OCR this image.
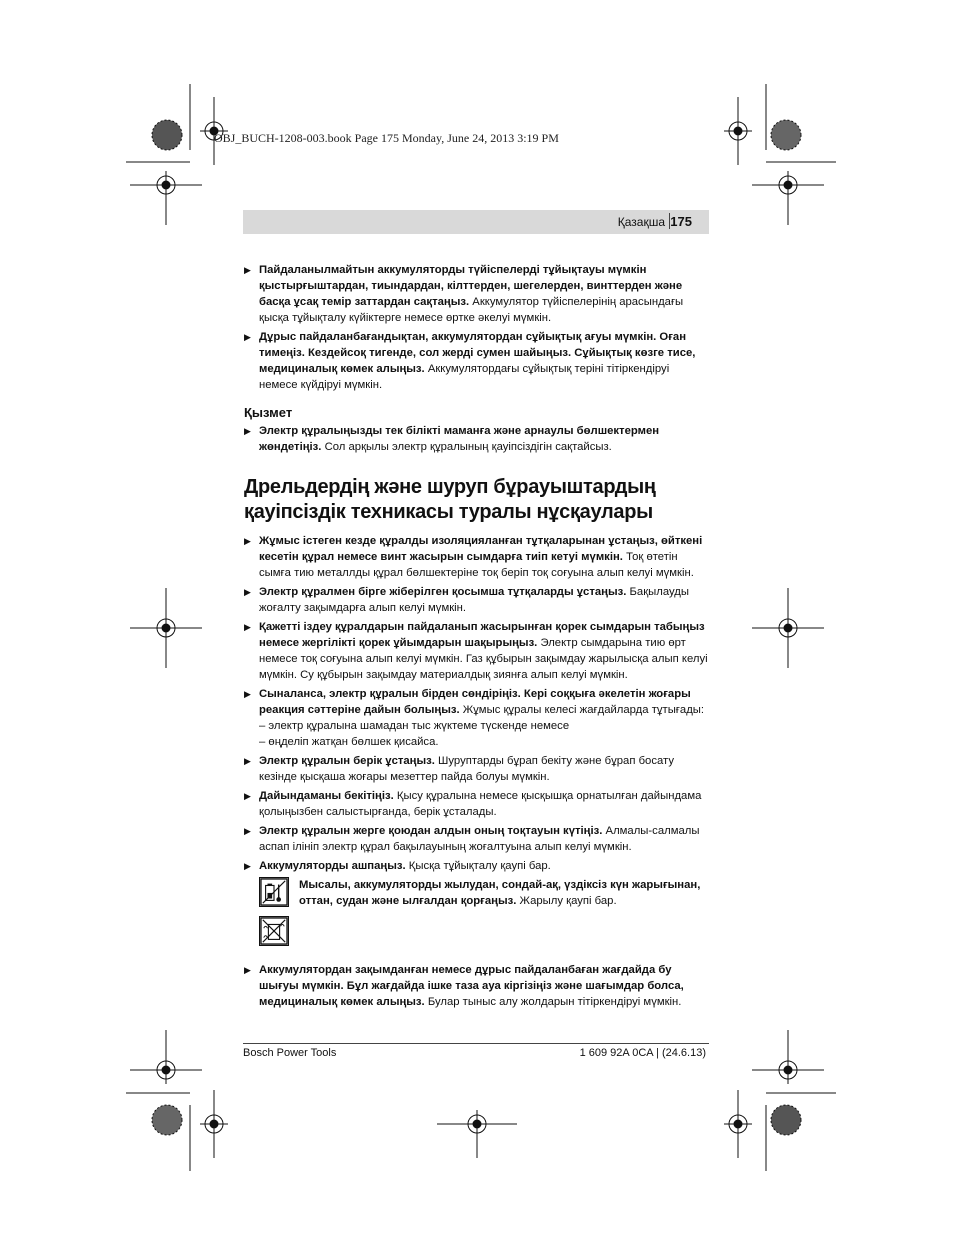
OBJ_BUCH-1208-003.book Page 175 Monday, June 24, 2013 3:19 PM
Қазақша 175
▶ Пайдаланылмайтын аккумуляторды түйіспелерді тұйықтауы мүмкін қыстырғыштардан, тиындардан, кілттерден, шегелерден, винттерден және басқа ұсақ темір заттардан сақтаңыз. Аккумулятор түйіспелерінің арасындағы қысқа тұйықталу күйіктерге немесе өртке әкелуі мүмкін.
▶ Дұрыс пайдаланбағандықтан, аккумулятордан сұйықтық ағуы мүмкін. Оған тимеңіз. Кездейсоқ тигенде, сол жерді сумен шайыңыз. Сұйықтық көзге тисе, медициналық көмек алыңыз. Аккумулятордағы сұйықтық теріні тітіркендіруі немесе күйдіруі мүмкін.
Қызмет
▶ Электр құралыңызды тек білікті маманға және арнаулы бөлшектермен жөндетіңіз. Сол арқылы электр құралының қауіпсіздігін сақтайсыз.
Дрельдердің және шуруп бұрауыштардың қауіпсіздік техникасы туралы нұсқаулары
▶ Жұмыс істеген кезде құралды изоляцияланған тұтқаларынан ұстаңыз, өйткені кесетін құрал немесе винт жасырын сымдарға тиіп кетуі мүмкін. Тоқ өтетін сымға тию металлды құрал бөлшектеріне тоқ беріп тоқ соғуына алып келуі мүмкін.
▶ Электр құралмен бірге жіберілген қосымша тұтқаларды ұстаңыз. Бақылауды жоғалту зақымдарға алып келуі мүмкін.
▶ Қажетті іздеу құралдарын пайдаланып жасырынған қорек сымдарын табыңыз немесе жергілікті қорек ұйымдарын шақырыңыз. Электр сымдарына тию өрт немесе тоқ соғуына алып келуі мүмкін. Газ құбырын зақымдау жарылысқа алып келуі мүмкін. Су құбырын зақымдау материалдық зиянға алып келуі мүмкін.
▶ Сыналанса, электр құралын бірден сөндіріңіз. Кері соққыға әкелетін жоғары реакция сәттеріне дайын болыңыз. Жұмыс құралы келесі жағдайларда тұтығады:
– электр құралына шамадан тыс жүктеме түскенде немесе
– өңделіп жатқан бөлшек қисайса.
▶ Электр құралын берік ұстаңыз. Шуруптарды бұрап бекіту және бұрап босату кезінде қысқаша жоғары мезеттер пайда болуы мүмкін.
▶ Дайындаманы бекітіңіз. Қысу құралына немесе қысқышқа орнатылған дайындама қолыңызбен салыстырғанда, берік ұсталады.
▶ Электр құралын жерге қоюдан алдын оның тоқтауын күтіңіз. Алмалы-салмалы аспап ілініп электр құрал бақылауының жоғалтуына алып келуі мүмкін.
▶ Аккумуляторды ашпаңыз. Қысқа тұйықталу қаупі бар.

Мысалы, аккумуляторды жылудан, сондай-ақ, үздіксіз күн жарығынан, оттан, судан және ылғалдан қорғаңыз. Жарылу қаупі бар.
▶ Аккумулятордан зақымданған немесе дұрыс пайдаланбаған жағдайда бу шығуы мүмкін. Бұл жағдайда ішке таза ауа кіргізіңіз және шағымдар болса, медициналық көмек алыңыз. Булар тыныс алу жолдарын тітіркендіруі мүмкін.
Bosch Power Tools	1 609 92A 0CA | (24.6.13)
